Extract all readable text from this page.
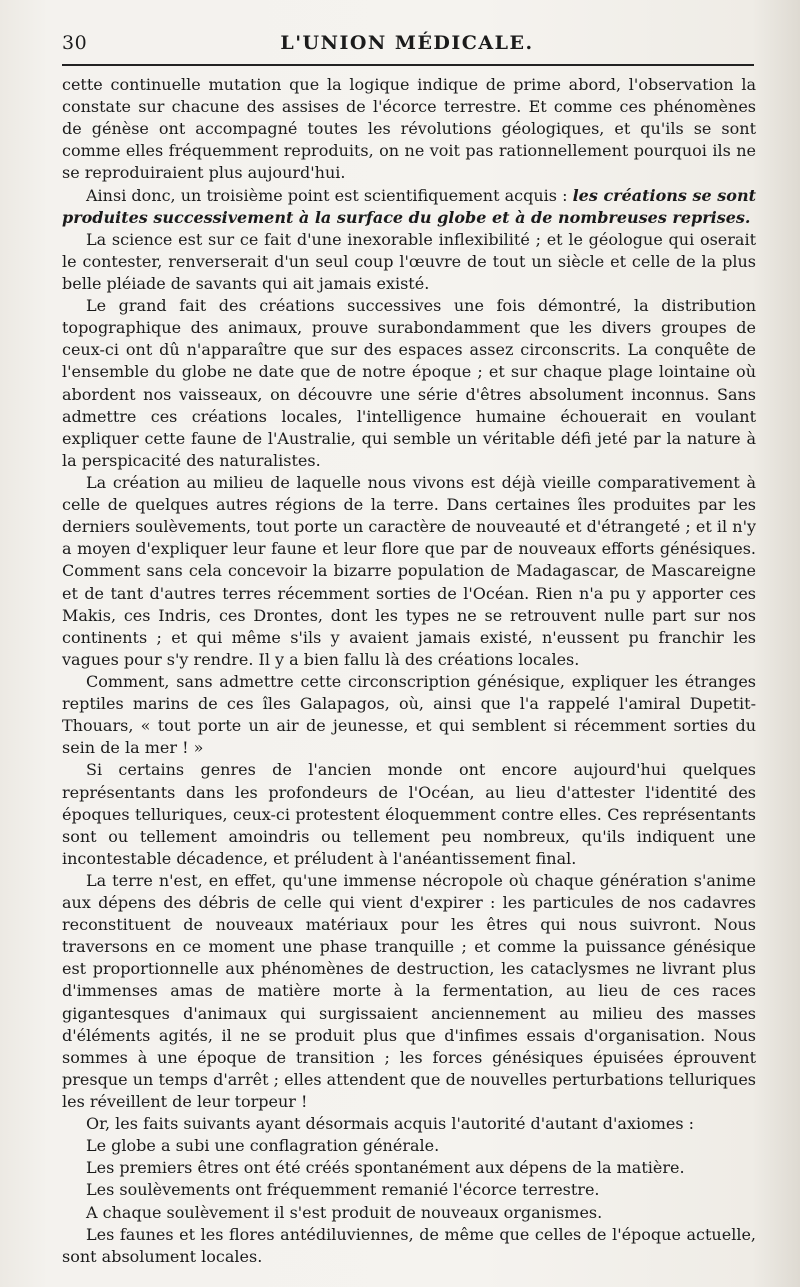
30	L'UNION MÉDICALE.

cette continuelle mutation que la logique indique de prime abord, l'observation la constate sur chacune des assises de l'écorce terrestre. Et comme ces phénomènes de génèse ont accompagné toutes les révolutions géologiques, et qu'ils se sont comme elles fréquemment reproduits, on ne voit pas rationnellement pourquoi ils ne se reproduiraient plus aujourd'hui.

Ainsi donc, un troisième point est scientifiquement acquis : les créations se sont produites successivement à la surface du globe et à de nombreuses reprises.

La science est sur ce fait d'une inexorable inflexibilité ; et le géologue qui oserait le contester, renverserait d'un seul coup l'œuvre de tout un siècle et celle de la plus belle pléiade de savants qui ait jamais existé.

Le grand fait des créations successives une fois démontré, la distribution topographique des animaux, prouve surabondamment que les divers groupes de ceux-ci ont dû n'apparaître que sur des espaces assez circonscrits. La conquête de l'ensemble du globe ne date que de notre époque ; et sur chaque plage lointaine où abordent nos vaisseaux, on découvre une série d'êtres absolument inconnus. Sans admettre ces créations locales, l'intelligence humaine échouerait en voulant expliquer cette faune de l'Australie, qui semble un véritable défi jeté par la nature à la perspicacité des naturalistes.

La création au milieu de laquelle nous vivons est déjà vieille comparativement à celle de quelques autres régions de la terre. Dans certaines îles produites par les derniers soulèvements, tout porte un caractère de nouveauté et d'étrangeté ; et il n'y a moyen d'expliquer leur faune et leur flore que par de nouveaux efforts génésiques. Comment sans cela concevoir la bizarre population de Madagascar, de Mascareigne et de tant d'autres terres récemment sorties de l'Océan. Rien n'a pu y apporter ces Makis, ces Indris, ces Drontes, dont les types ne se retrouvent nulle part sur nos continents ; et qui même s'ils y avaient jamais existé, n'eussent pu franchir les vagues pour s'y rendre. Il y a bien fallu là des créations locales.

Comment, sans admettre cette circonscription génésique, expliquer les étranges reptiles marins de ces îles Galapagos, où, ainsi que l'a rappelé l'amiral Dupetit-Thouars, « tout porte un air de jeunesse, et qui semblent si récemment sorties du sein de la mer ! »

Si certains genres de l'ancien monde ont encore aujourd'hui quelques représentants dans les profondeurs de l'Océan, au lieu d'attester l'identité des époques telluriques, ceux-ci protestent éloquemment contre elles. Ces représentants sont ou tellement amoindris ou tellement peu nombreux, qu'ils indiquent une incontestable décadence, et préludent à l'anéantissement final.

La terre n'est, en effet, qu'une immense nécropole où chaque génération s'anime aux dépens des débris de celle qui vient d'expirer : les particules de nos cadavres reconstituent de nouveaux matériaux pour les êtres qui nous suivront. Nous traversons en ce moment une phase tranquille ; et comme la puissance génésique est proportionnelle aux phénomènes de destruction, les cataclysmes ne livrant plus d'immenses amas de matière morte à la fermentation, au lieu de ces races gigantesques d'animaux qui surgissaient anciennement au milieu des masses d'éléments agités, il ne se produit plus que d'infimes essais d'organisation. Nous sommes à une époque de transition ; les forces génésiques épuisées éprouvent presque un temps d'arrêt ; elles attendent que de nouvelles perturbations telluriques les réveillent de leur torpeur !

Or, les faits suivants ayant désormais acquis l'autorité d'autant d'axiomes :

Le globe a subi une conflagration générale.

Les premiers êtres ont été créés spontanément aux dépens de la matière.

Les soulèvements ont fréquemment remanié l'écorce terrestre.

A chaque soulèvement il s'est produit de nouveaux organismes.

Les faunes et les flores antédiluviennes, de même que celles de l'époque actuelle, sont absolument locales.
